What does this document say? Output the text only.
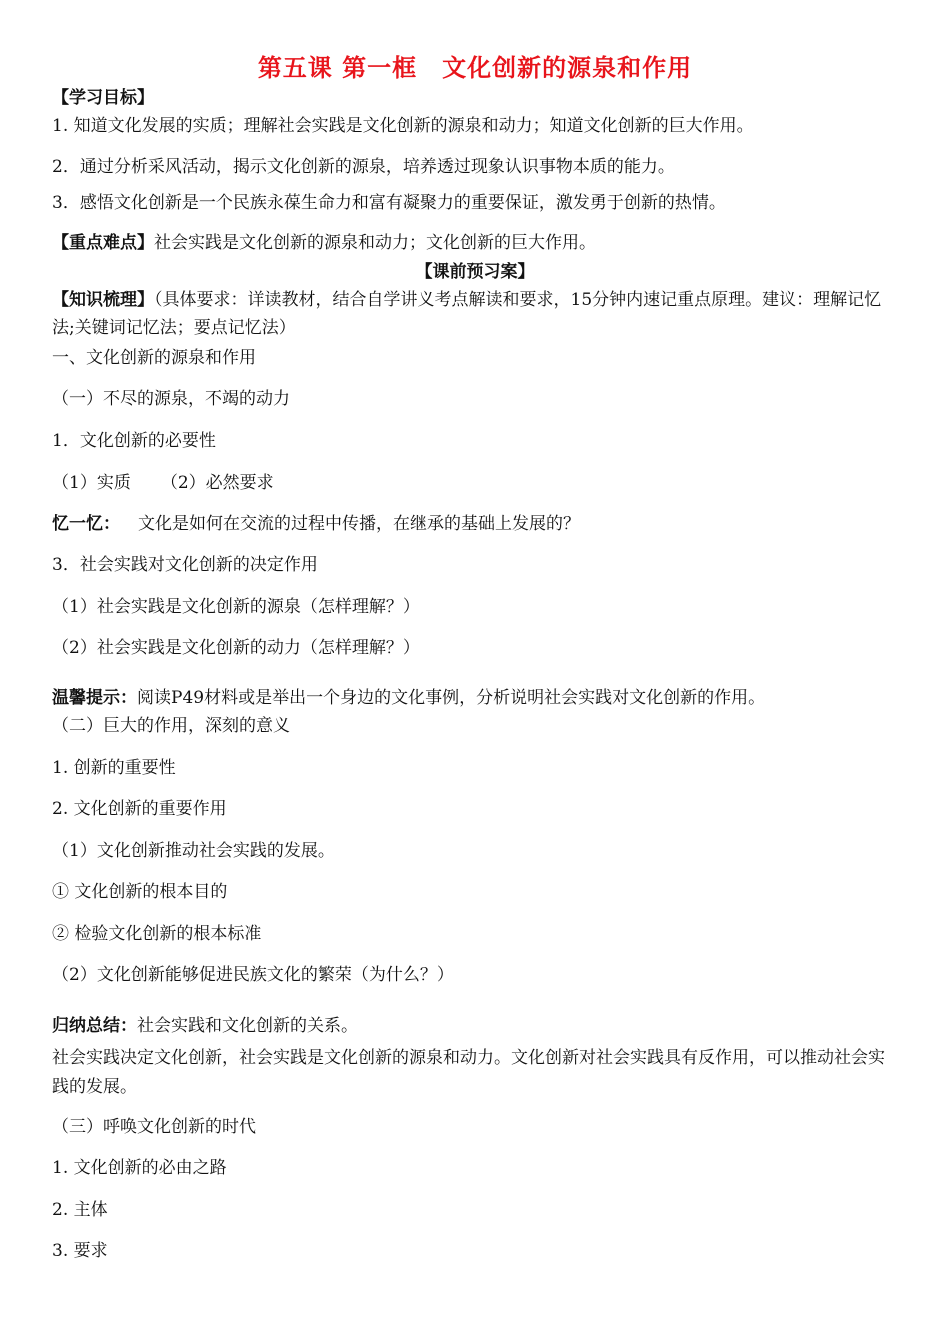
第五课 第一框　文化创新的源泉和作用
【学习目标】
1. 知道文化发展的实质；理解社会实践是文化创新的源泉和动力；知道文化创新的巨大作用。
2．通过分析采风活动，揭示文化创新的源泉，培养透过现象认识事物本质的能力。
3．感悟文化创新是一个民族永葆生命力和富有凝聚力的重要保证，激发勇于创新的热情。
【重点难点】社会实践是文化创新的源泉和动力；文化创新的巨大作用。
【课前预习案】
【知识梳理】（具体要求：详读教材，结合自学讲义考点解读和要求，15分钟内速记重点原理。建议：理解记忆法;关键词记忆法；要点记忆法）
一、文化创新的源泉和作用
（一）不尽的源泉，不竭的动力
1．文化创新的必要性
（1）实质 （2）必然要求
忆一忆： 文化是如何在交流的过程中传播，在继承的基础上发展的？
3．社会实践对文化创新的决定作用
（1）社会实践是文化创新的源泉（怎样理解？）
（2）社会实践是文化创新的动力（怎样理解？）
温馨提示：阅读P49材料或是举出一个身边的文化事例，分析说明社会实践对文化创新的作用。
（二）巨大的作用，深刻的意义
1. 创新的重要性
2. 文化创新的重要作用
（1）文化创新推动社会实践的发展。
① 文化创新的根本目的
② 检验文化创新的根本标准
（2）文化创新能够促进民族文化的繁荣（为什么？）
归纳总结：社会实践和文化创新的关系。
社会实践决定文化创新，社会实践是文化创新的源泉和动力。文化创新对社会实践具有反作用，可以推动社会实践的发展。
（三）呼唤文化创新的时代
1. 文化创新的必由之路
2. 主体
3. 要求
